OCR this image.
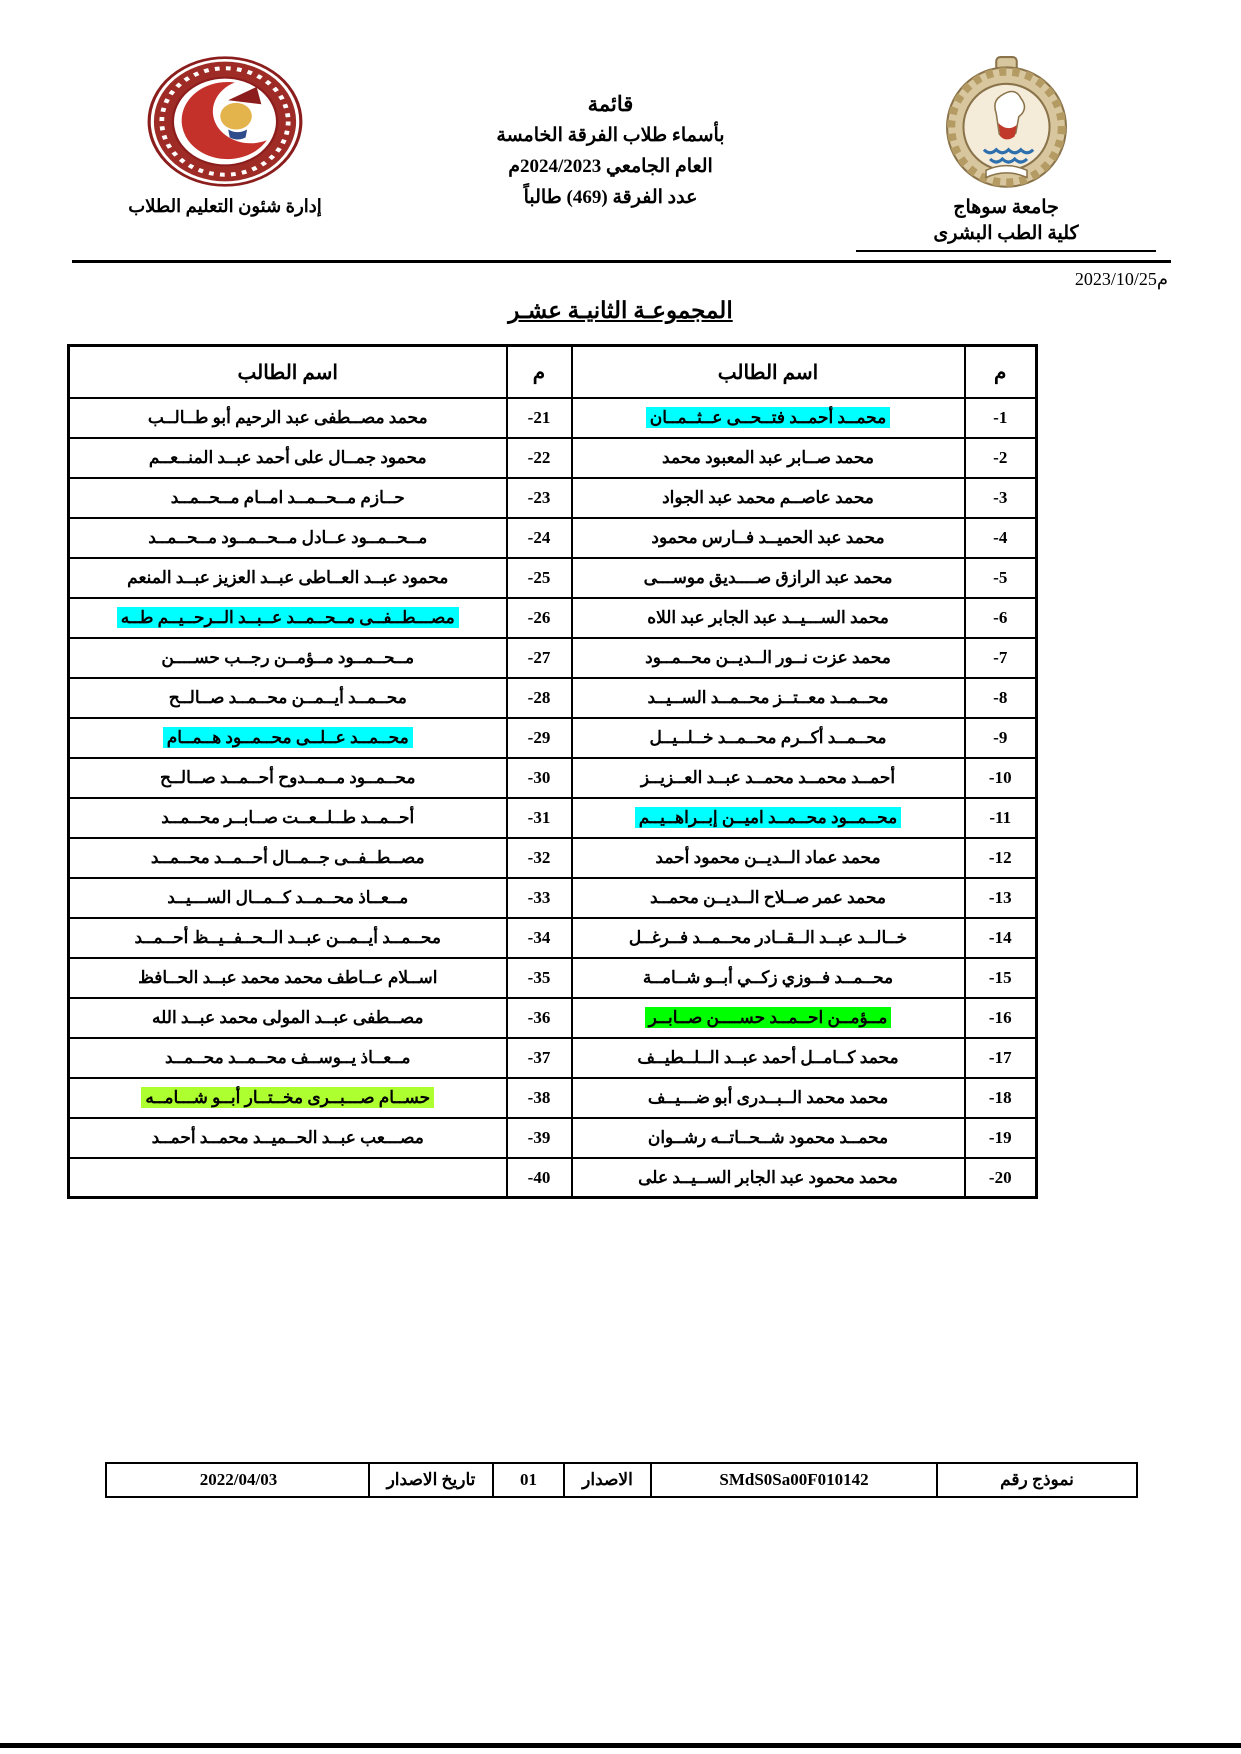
جامعة سوهاج
كلية الطب البشرى
قائمة
بأسماء طلاب الفرقة الخامسة
العام الجامعي 2024/2023م
عدد الفرقة (469) طالباً
إدارة شئون التعليم الطلاب
2023/10/25م
المجموعـة الثانيـة عشـر
م	اسم الطالب	م	اسم الطالب
1-	محمــد أحمــد فتــحــى عــثــمــان	21-	محمد مصــطفى عبد الرحيم أبو طــالــب
2-	محمد صــابر عبد المعبود محمد	22-	محمود جمــال على أحمد عبــد المنــعــم
3-	محمد عاصــم محمد عبد الجواد	23-	حــازم مــحــمــد امــام مــحــمــد
4-	محمد عبد الحميــد فــارس محمود	24-	مــحــمــود عــادل مــحــمــود مــحــمــد
5-	محمد عبد الرازق صــــديق موســـى	25-	محمود عبــد العــاطى عبــد العزيز عبــد المنعم
6-	محمد الســـيــد عبد الجابر عبد اللاه	26-	مصـــطــفــى مــحــمــد عــبــد الــرحــيــم طــه
7-	محمد عزت نــور الــديــن محــمــود	27-	مــحــمــود مــؤمــن رجــب حســــن
8-	محــمــد معــتــز محــمــد الســيــد	28-	محــمــد أيــمــن محــمــد صــالــح
9-	محــمــد أكــرم محــمــد خــلــيــل	29-	محــمــد عــلــى محــمــود هــمــام
10-	أحمــد محمــد محمــد عبــد العــزيــز	30-	محــمــود مــمــدوح أحــمــد صــالــح
11-	محــمــود محــمــد اميــن إبــراهــيــم	31-	أحــمــد طــلــعــت صــابــر محــمــد
12-	محمد عماد الــديــن محمود أحمد	32-	مصــطــفــى جــمــال أحــمــد محــمــد
13-	محمد عمر صــلاح الــديــن محمــد	33-	مــعــاذ محــمــد كــمــال الســـيــد
14-	خــالــد عبــد الــقــادر محــمــد فــرغــل	34-	محــمــد أيــمــن عبــد الــحــفــيــظ أحــمــد
15-	محــمــد فــوزي زكــي أبــو شــامــة	35-	اســلام عــاطف محمد محمد عبــد الحــافظ
16-	مــؤمــن احــمــد حســــن صــابــر	36-	مصــطفى عبــد المولى محمد عبــد الله
17-	محمد كــامــل أحمد عبــد الــلــطيــف	37-	مــعــاذ يــوســف محــمــد محــمــد
18-	محمد محمد الــبــدرى أبو ضـــيــف	38-	حســام صـــبــرى مخــتــار أبــو شـــامــه
19-	محمــد محمود شــحــاتــه رشــوان	39-	مصـــعب عبــد الحــميــد محمــد أحمــد
20-	محمد محمود عبد الجابر الســيــد على	40-	
نموذج رقم	SMdS0Sa00F010142	الاصدار	01	تاريخ الاصدار	2022/04/03
